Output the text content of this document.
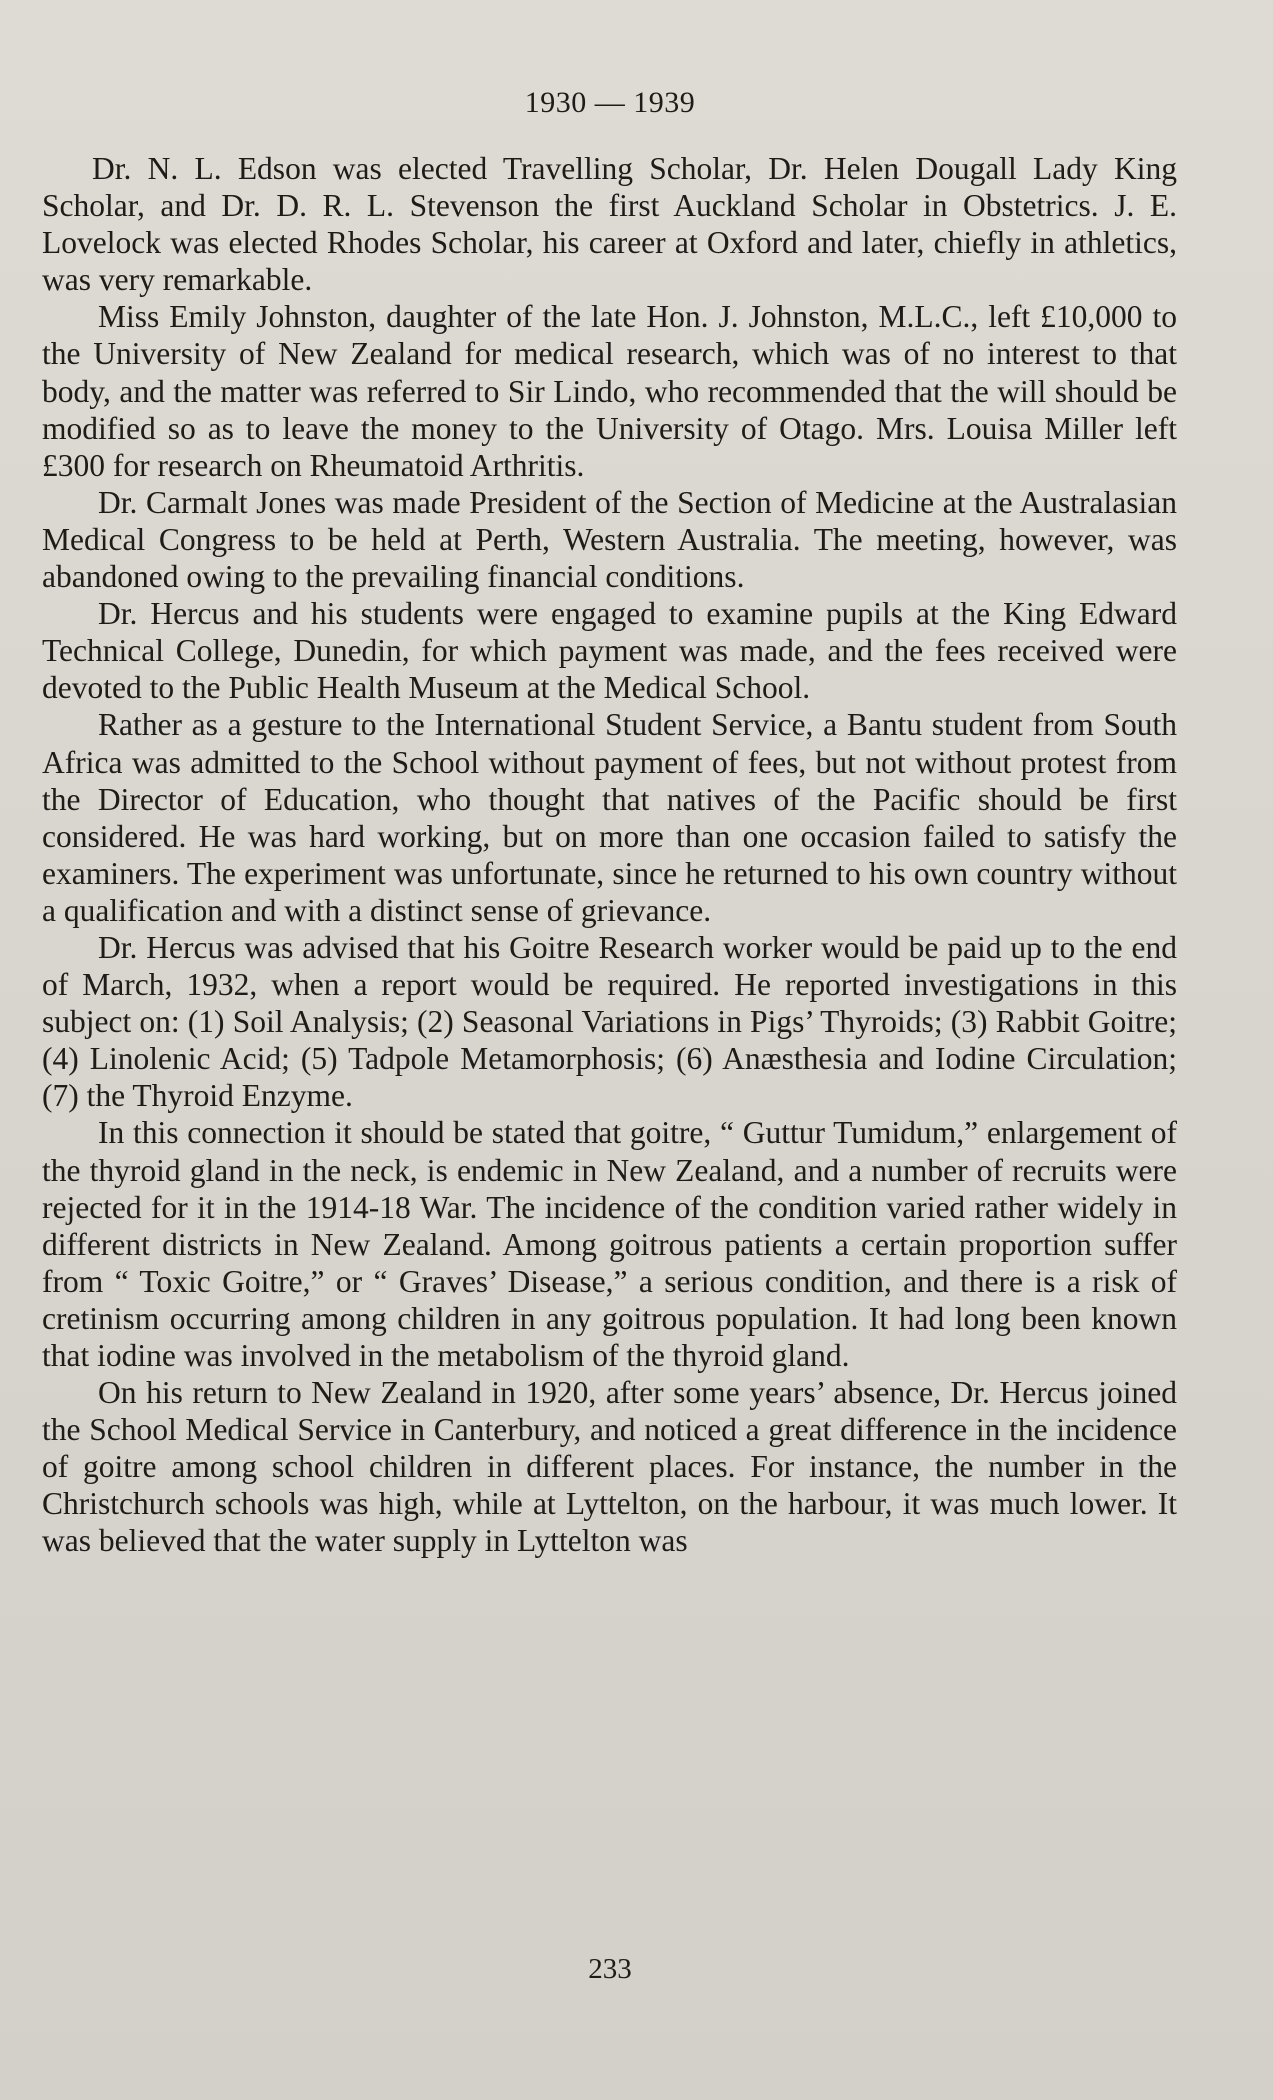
1930 — 1939

Dr. N. L. Edson was elected Travelling Scholar, Dr. Helen Dougall Lady King Scholar, and Dr. D. R. L. Stevenson the first Auckland Scholar in Obstetrics. J. E. Lovelock was elected Rhodes Scholar, his career at Oxford and later, chiefly in athletics, was very remarkable.

Miss Emily Johnston, daughter of the late Hon. J. Johnston, M.L.C., left £10,000 to the University of New Zealand for medical research, which was of no interest to that body, and the matter was referred to Sir Lindo, who recommended that the will should be modified so as to leave the money to the University of Otago. Mrs. Louisa Miller left £300 for research on Rheumatoid Arthritis.

Dr. Carmalt Jones was made President of the Section of Medicine at the Australasian Medical Congress to be held at Perth, Western Australia. The meeting, however, was abandoned owing to the prevailing financial conditions.

Dr. Hercus and his students were engaged to examine pupils at the King Edward Technical College, Dunedin, for which payment was made, and the fees received were devoted to the Public Health Museum at the Medical School.

Rather as a gesture to the International Student Service, a Bantu student from South Africa was admitted to the School without payment of fees, but not without protest from the Director of Education, who thought that natives of the Pacific should be first considered. He was hard working, but on more than one occasion failed to satisfy the examiners. The experiment was unfortunate, since he returned to his own country without a qualification and with a distinct sense of grievance.

Dr. Hercus was advised that his Goitre Research worker would be paid up to the end of March, 1932, when a report would be required. He reported investigations in this subject on: (1) Soil Analysis; (2) Seasonal Variations in Pigs’ Thyroids; (3) Rabbit Goitre; (4) Linolenic Acid; (5) Tadpole Metamorphosis; (6) Anæsthesia and Iodine Circulation; (7) the Thyroid Enzyme.

In this connection it should be stated that goitre, “ Guttur Tumidum,” enlargement of the thyroid gland in the neck, is endemic in New Zealand, and a number of recruits were rejected for it in the 1914-18 War. The incidence of the condition varied rather widely in different districts in New Zealand. Among goitrous patients a certain proportion suffer from “ Toxic Goitre,” or “ Graves’ Disease,” a serious condition, and there is a risk of cretinism occurring among children in any goitrous population. It had long been known that iodine was involved in the metabolism of the thyroid gland.

On his return to New Zealand in 1920, after some years’ absence, Dr. Hercus joined the School Medical Service in Canterbury, and noticed a great difference in the incidence of goitre among school children in different places. For instance, the number in the Christchurch schools was high, while at Lyttelton, on the harbour, it was much lower. It was believed that the water supply in Lyttelton was

233
